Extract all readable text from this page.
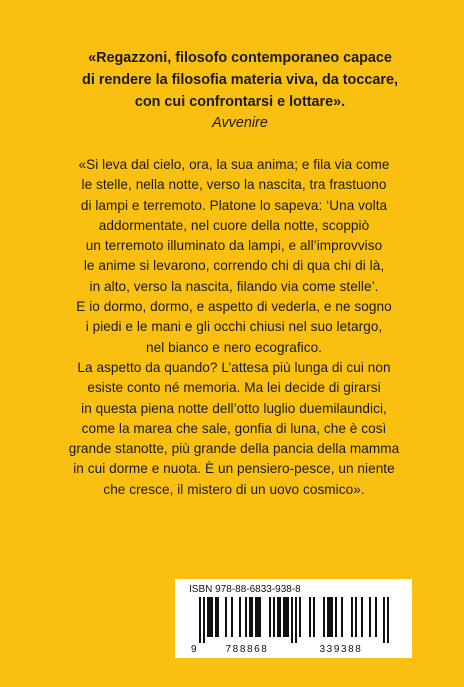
«Regazzoni, filosofo contemporaneo capace
di rendere la filosofia materia viva, da toccare,
con cui confrontarsi e lottare».
Avvenire
«Si leva dal cielo, ora, la sua anima; e fila via come
le stelle, nella notte, verso la nascita, tra frastuono
di lampi e terremoto. Platone lo sapeva: ‘Una volta
addormentate, nel cuore della notte, scoppiò
un terremoto illuminato da lampi, e all’improvviso
le anime si levarono, correndo chi di qua chi di là,
in alto, verso la nascita, filando via come stelle’.
E io dormo, dormo, e aspetto di vederla, e ne sogno
i piedi e le mani e gli occhi chiusi nel suo letargo,
nel bianco e nero ecografico.
La aspetto da quando? L’attesa più lunga di cui non
esiste conto né memoria. Ma lei decide di girarsi
in questa piena notte dell’otto luglio duemilaundici,
come la marea che sale, gonfia di luna, che è così
grande stanotte, più grande della pancia della mamma
in cui dorme e nuota. È un pensiero-pesce, un niente
che cresce, il mistero di un uovo cosmico».
ISBN 978-88-6833-938-8
9	788868	339388
